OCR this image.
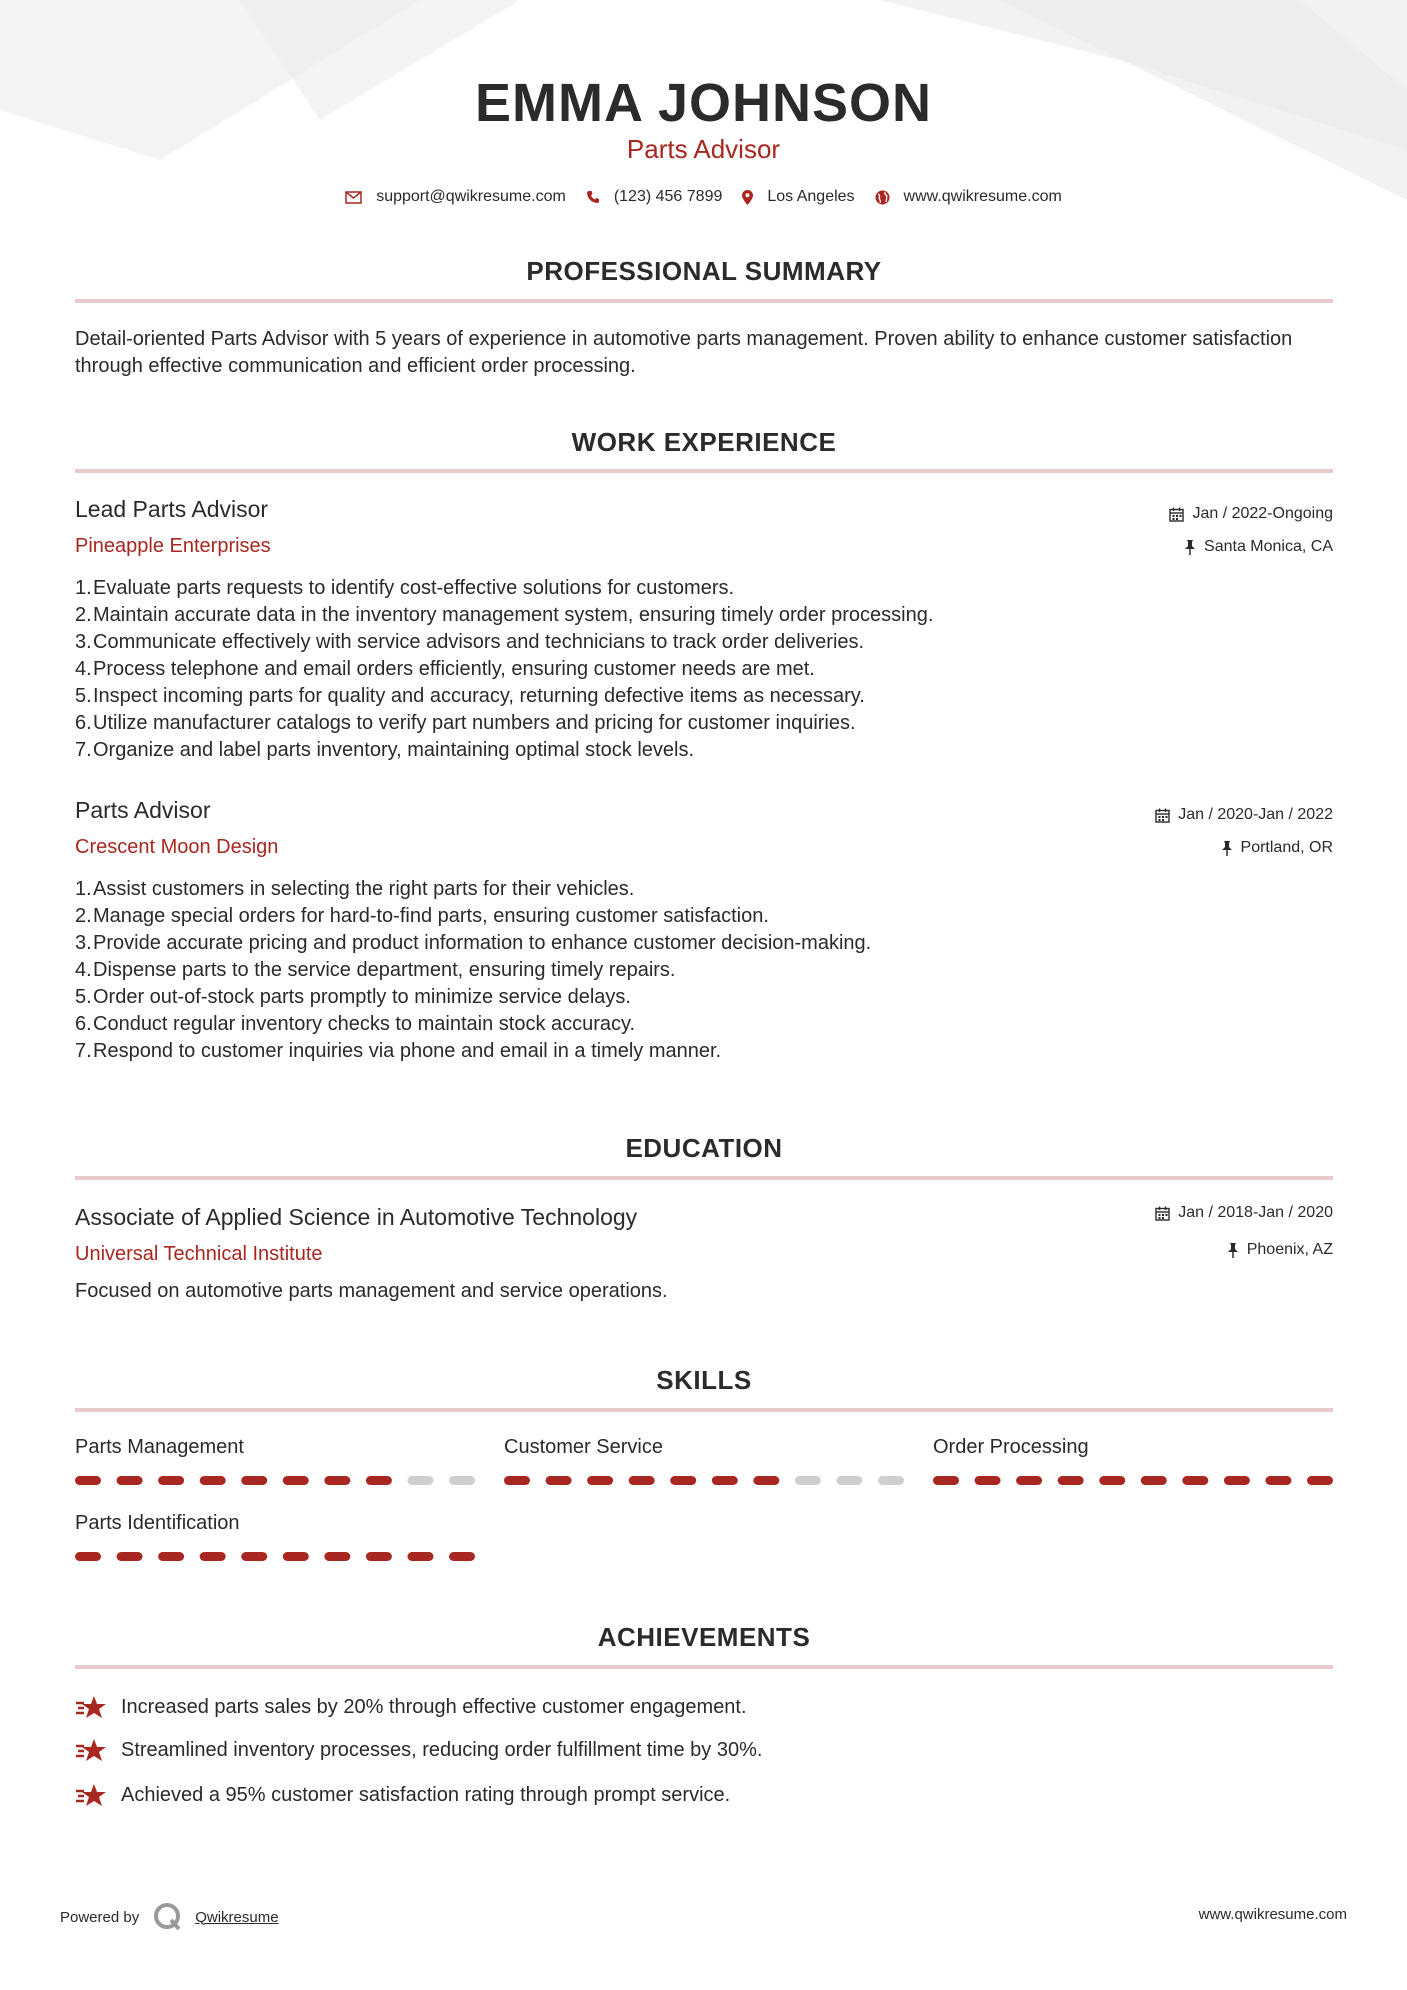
EMMA JOHNSON
Parts Advisor
support@qwikresume.com	(123) 456 7899	Los Angeles	www.qwikresume.com
PROFESSIONAL SUMMARY
Detail-oriented Parts Advisor with 5 years of experience in automotive parts management. Proven ability to enhance customer satisfaction through effective communication and efficient order processing.
WORK EXPERIENCE
Lead Parts Advisor
Pineapple Enterprises
Jan / 2022-Ongoing
Santa Monica, CA
1. Evaluate parts requests to identify cost-effective solutions for customers.
2. Maintain accurate data in the inventory management system, ensuring timely order processing.
3. Communicate effectively with service advisors and technicians to track order deliveries.
4. Process telephone and email orders efficiently, ensuring customer needs are met.
5. Inspect incoming parts for quality and accuracy, returning defective items as necessary.
6. Utilize manufacturer catalogs to verify part numbers and pricing for customer inquiries.
7. Organize and label parts inventory, maintaining optimal stock levels.
Parts Advisor
Crescent Moon Design
Jan / 2020-Jan / 2022
Portland, OR
1. Assist customers in selecting the right parts for their vehicles.
2. Manage special orders for hard-to-find parts, ensuring customer satisfaction.
3. Provide accurate pricing and product information to enhance customer decision-making.
4. Dispense parts to the service department, ensuring timely repairs.
5. Order out-of-stock parts promptly to minimize service delays.
6. Conduct regular inventory checks to maintain stock accuracy.
7. Respond to customer inquiries via phone and email in a timely manner.
EDUCATION
Associate of Applied Science in Automotive Technology
Universal Technical Institute
Jan / 2018-Jan / 2020
Phoenix, AZ
Focused on automotive parts management and service operations.
SKILLS
Parts Management	Customer Service	Order Processing
Parts Identification
ACHIEVEMENTS
Increased parts sales by 20% through effective customer engagement.
Streamlined inventory processes, reducing order fulfillment time by 30%.
Achieved a 95% customer satisfaction rating through prompt service.
Powered by	Qwikresume	www.qwikresume.com
